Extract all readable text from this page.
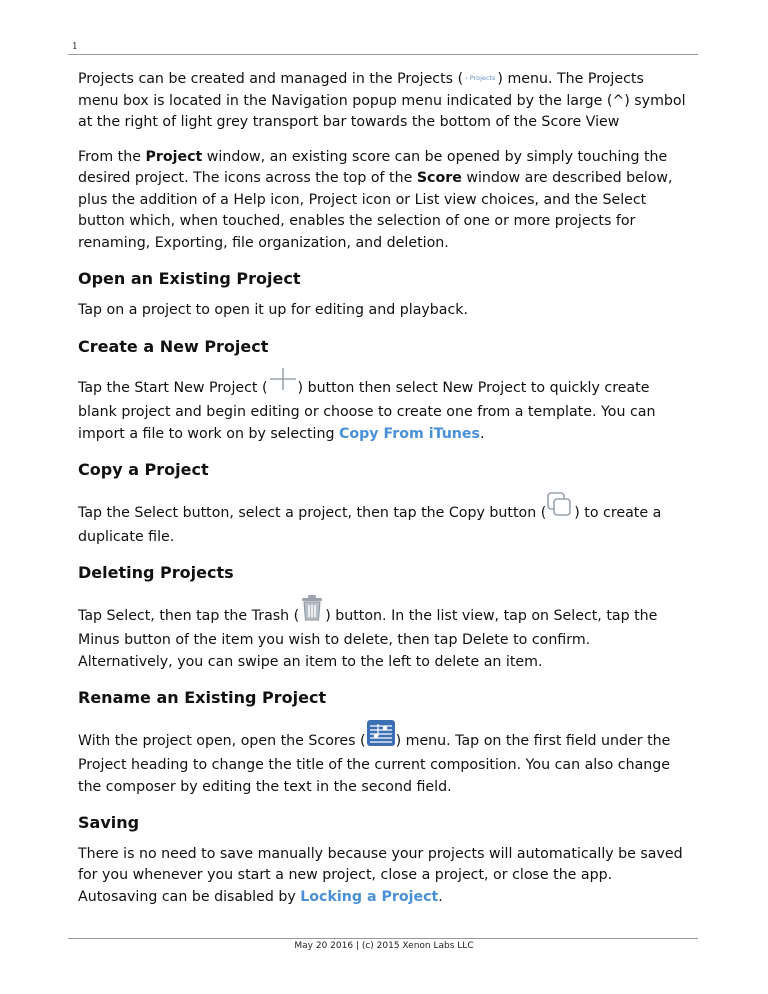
1

Projects can be created and managed in the Projects ( ‹ Projects ) menu. The Projects menu box is located in the Navigation popup menu indicated by the large (^) symbol at the right of light grey transport bar towards the bottom of the Score View

From the Project window, an existing score can be opened by simply touching the desired project. The icons across the top of the Score window are described below, plus the addition of a Help icon, Project icon or List view choices, and the Select button which, when touched, enables the selection of one or more projects for renaming, Exporting, file organization, and deletion.

Open an Existing Project

Tap on a project to open it up for editing and playback.

Create a New Project

Tap the Start New Project ( ) button then select New Project to quickly create blank project and begin editing or choose to create one from a template. You can import a file to work on by selecting Copy From iTunes.

Copy a Project

Tap the Select button, select a project, then tap the Copy button ( ) to create a duplicate file.

Deleting Projects

Tap Select, then tap the Trash ( ) button. In the list view, tap on Select, tap the Minus button of the item you wish to delete, then tap Delete to confirm. Alternatively, you can swipe an item to the left to delete an item.

Rename an Existing Project

With the project open, open the Scores ( ) menu. Tap on the first field under the Project heading to change the title of the current composition. You can also change the composer by editing the text in the second field.

Saving

There is no need to save manually because your projects will automatically be saved for you whenever you start a new project, close a project, or close the app. Autosaving can be disabled by Locking a Project.

May 20 2016 | (c) 2015 Xenon Labs LLC
